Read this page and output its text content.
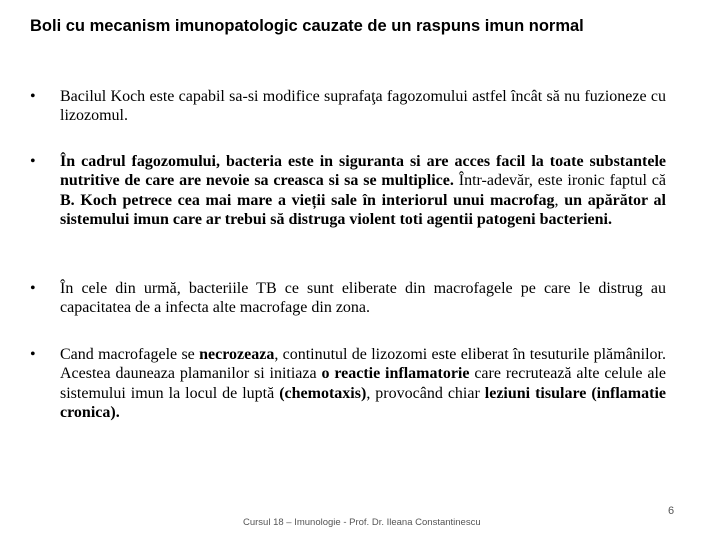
Boli cu mecanism imunopatologic cauzate de un raspuns imun normal
•	Bacilul Koch este capabil sa-si modifice suprafaţa fagozomului astfel încât să nu fuzioneze cu lizozomul.
•	În cadrul fagozomului, bacteria este in siguranta si are acces facil la toate substantele nutritive de care are nevoie sa creasca si sa se multiplice. Într-adevăr, este ironic faptul că B. Koch petrece cea mai mare a vieții sale în interiorul unui macrofag, un apărător al sistemului imun care ar trebui să distruga violent toti agentii patogeni bacterieni.
•	În cele din urmă, bacteriile TB ce sunt eliberate din macrofagele pe care le distrug au capacitatea de a infecta alte macrofage din zona.
•	Cand macrofagele se necrozeaza, continutul de lizozomi este eliberat în tesuturile plămânilor. Acestea dauneaza plamanilor si initiaza o reactie inflamatorie care recrutează alte celule ale sistemului imun la locul de luptă (chemotaxis), provocând chiar leziuni tisulare (inflamatie cronica).
Cursul 18 – Imunologie - Prof. Dr. Ileana Constantinescu
6
